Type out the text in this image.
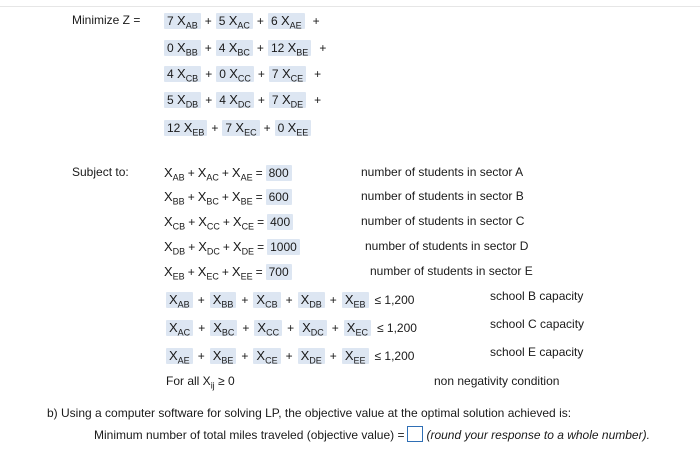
Minimize Z = 7 $X_{AB} + 5$ $X_{AC} + 6$ $X_{AE}$ +
0 $X_{BB} + 4$ $X_{BC} + 12$ $X_{BE}$ +
4 $X_{CB} + 0$ $X_{CC} + 7$ $X_{CE}$ +
5 $X_{DB} + 4$ $X_{DC} + 7$ $X_{DE}$ +
12 $X_{EB} + 7$ $X_{EC} + 0$ $X_{EE}$
Subject to:	$X_{AB} + X_{AC} + X_{AE} = 800$	number of students in sector A
$X_{BB} + X_{BC} + X_{BE} = 600$	number of students in sector B
$X_{CB} + X_{CC} + X_{CE} = 400$	number of students in sector C
$X_{DB} + X_{DC} + X_{DE} = 1000$	number of students in sector D
$X_{EB} + X_{EC} + X_{EE} = 700$	number of students in sector E
$X_{AB} + X_{BB} + X_{CB} + X_{DB} + X_{EB} \le 1,200$	school B capacity
$X_{AC} + X_{BC} + X_{CC} + X_{DC} + X_{EC} \le 1,200$	school C capacity
$X_{AE} + X_{BE} + X_{CE} + X_{DE} + X_{EE} \le 1,200$	school E capacity
For all $X_{ij} \ge 0$	non negativity condition
b) Using a computer software for solving LP, the objective value at the optimal solution achieved is:
Minimum number of total miles traveled (objective value) = (round your response to a whole number).
